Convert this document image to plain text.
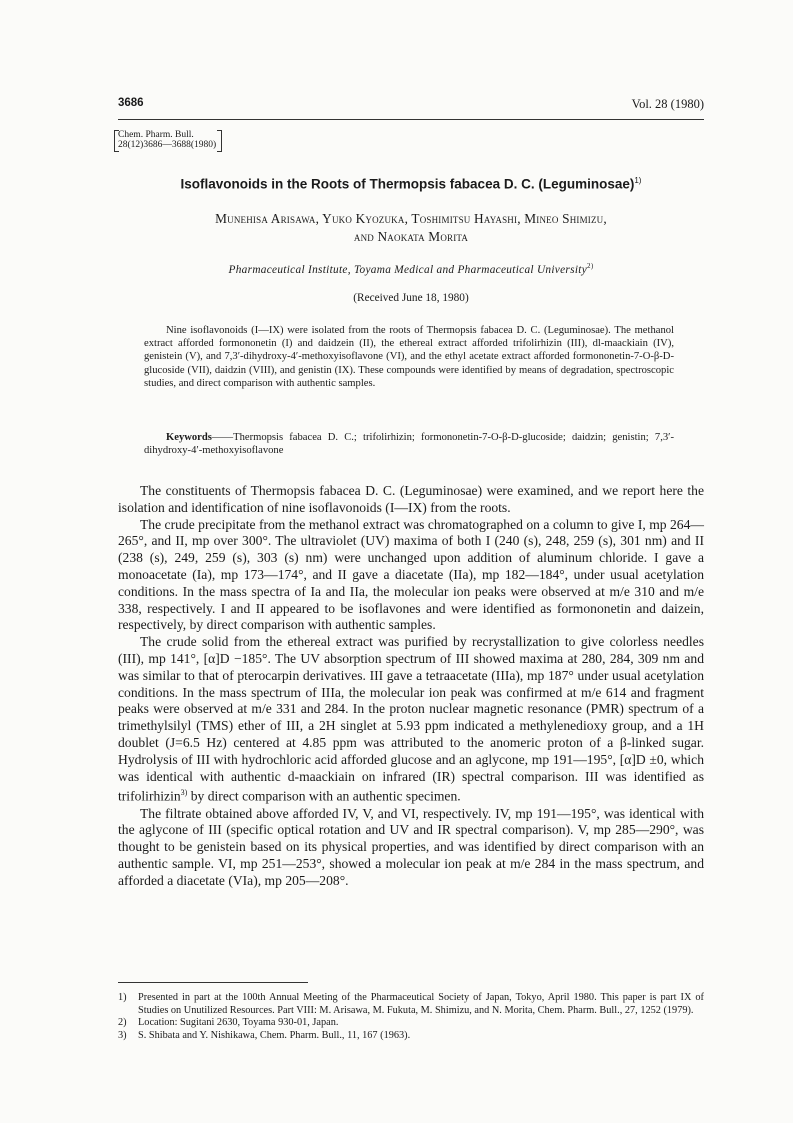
3686	Vol. 28 (1980)
Chem. Pharm. Bull.
28(12)3686—3688(1980)
Isoflavonoids in the Roots of Thermopsis fabacea D. C. (Leguminosae)$^{1)}$
Munehisa Arisawa, Yuko Kyozuka, Toshimitsu Hayashi, Mineo Shimizu,
and Naokata Morita
Pharmaceutical Institute, Toyama Medical and Pharmaceutical University$^{2)}$
(Received June 18, 1980)

Nine isoflavonoids (I—IX) were isolated from the roots of Thermopsis fabacea D. C. (Leguminosae). The methanol extract afforded formononetin (I) and daidzein (II), the ethereal extract afforded trifolirhizin (III), dl-maackiain (IV), genistein (V), and 7,3′-dihydroxy-4′-methoxyisoflavone (VI), and the ethyl acetate extract afforded formononetin-7-O-β-D-glucoside (VII), daidzin (VIII), and genistin (IX). These compounds were identified by means of degradation, spectroscopic studies, and direct comparison with authentic samples.

Keywords——Thermopsis fabacea D. C.; trifolirhizin; formononetin-7-O-β-D-glucoside; daidzin; genistin; 7,3′-dihydroxy-4′-methoxyisoflavone

The constituents of Thermopsis fabacea D. C. (Leguminosae) were examined, and we report here the isolation and identification of nine isoflavonoids (I—IX) from the roots.

The crude precipitate from the methanol extract was chromatographed on a column to give I, mp 264—265°, and II, mp over 300°. The ultraviolet (UV) maxima of both I (240 (s), 248, 259 (s), 301 nm) and II (238 (s), 249, 259 (s), 303 (s) nm) were unchanged upon addition of aluminum chloride. I gave a monoacetate (Ia), mp 173—174°, and II gave a diacetate (IIa), mp 182—184°, under usual acetylation conditions. In the mass spectra of Ia and IIa, the molecular ion peaks were observed at m/e 310 and m/e 338, respectively. I and II appeared to be isoflavones and were identified as formononetin and daizein, respectively, by direct comparison with authentic samples.

The crude solid from the ethereal extract was purified by recrystallization to give colorless needles (III), mp 141°, [α]D −185°. The UV absorption spectrum of III showed maxima at 280, 284, 309 nm and was similar to that of pterocarpin derivatives. III gave a tetraacetate (IIIa), mp 187° under usual acetylation conditions. In the mass spectrum of IIIa, the molecular ion peak was confirmed at m/e 614 and fragment peaks were observed at m/e 331 and 284. In the proton nuclear magnetic resonance (PMR) spectrum of a trimethylsilyl (TMS) ether of III, a 2H singlet at 5.93 ppm indicated a methylenedioxy group, and a 1H doublet (J=6.5 Hz) centered at 4.85 ppm was attributed to the anomeric proton of a β-linked sugar. Hydrolysis of III with hydrochloric acid afforded glucose and an aglycone, mp 191—195°, [α]D ±0, which was identical with authentic d-maackiain on infrared (IR) spectral comparison. III was identified as trifolirhizin$^{3)}$ by direct comparison with an authentic specimen.

The filtrate obtained above afforded IV, V, and VI, respectively. IV, mp 191—195°, was identical with the aglycone of III (specific optical rotation and UV and IR spectral comparison). V, mp 285—290°, was thought to be genistein based on its physical properties, and was identified by direct comparison with an authentic sample. VI, mp 251—253°, showed a molecular ion peak at m/e 284 in the mass spectrum, and afforded a diacetate (VIa), mp 205—208°.

1) Presented in part at the 100th Annual Meeting of the Pharmaceutical Society of Japan, Tokyo, April 1980. This paper is part IX of Studies on Unutilized Resources. Part VIII: M. Arisawa, M. Fukuta, M. Shimizu, and N. Morita, Chem. Pharm. Bull., 27, 1252 (1979).
2) Location: Sugitani 2630, Toyama 930-01, Japan.
3) S. Shibata and Y. Nishikawa, Chem. Pharm. Bull., 11, 167 (1963).
